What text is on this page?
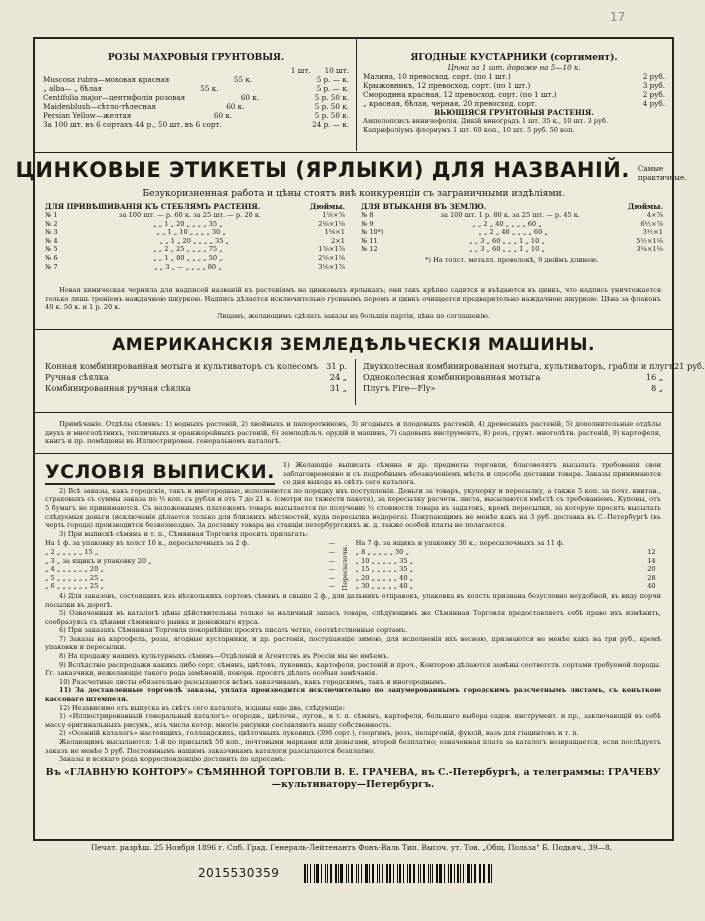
17
РОЗЫ МАХРОВЫЯ ГРУНТОВЫЯ.
1 шт. 10 шт.
Muscosa rubra—моховая красная	55 к.	5 р. — к.
„ alba— „ бѣлая	55 к.	5 р. — к.
Centifolia major—центифолія розовая	60 к.	5 р. 50 к.
Maidenblush—сѣтло-тѣлесная	60 к.	5 р. 50 к.
Persian Yellow—желтая	60 к.	5 р. 50 к.
За 100 шт. въ 6 сортахъ 44 р., 50 шт. въ 6 сорт.	24 р. — к.
ЯГОДНЫЕ КУСТАРНИКИ (сортимент).
Цѣна за 1 шт. дороже на 5—10 к.
Малина, 10 превосход. сорт. (по 1 шт.)	2 руб.
Крыжовникъ, 12 превосход. сорт. (по 1 шт.)	3 руб.
Смородина красная, 12 превосход. сорт. (по 1 шт.)	2 руб.
„ красная, бѣлая, черная, 20 превосход. сорт.	4 руб.
ВЬЮЩІЯСЯ ГРУНТОВЫЯ РАСТЕНІЯ.
Ампелопсисъ виничефолія. Дикій виноградъ 1 шт. 35 к., 10 шт. 3 руб.
Каприфоліумъ флориумъ 1 шт. 60 коп., 10 шт. 5 руб. 50 коп.
ЦИНКОВЫЕ ЭТИКЕТЫ (ЯРЛЫКИ) ДЛЯ НАЗВАНІЙ. Самые практичные.
Безукоризненная работа и цѣны стоятъ внѣ конкуренціи съ заграничными издѣліями.
ДЛЯ ПРИВѢШИВАНІЯ КЪ СТЕБЛЯМЪ РАСТЕНІЯ.	Дюймы.
№ 1	за 100 шт. — р. 60 к. за 25 шт. — р. 20 к.	1⅛×⅞
№ 2	„ „ 1 „ 20 „ „ „ „ 35 „	2⅛×1⅛
№ 3	„ „ 1 „ 10 „ „ „ „ 30 „	1⅝×1
№ 4	„ „ 1 „ 20 „ „ „ „ 35 „	2×1
№ 5	„ „ 2 „ 25 „ „ „ „ 75 „	1⅞×1⅞
№ 6	„ „ 1 „ 80 „ „ „ „ 50 „	2⅛×1⅛
№ 7	„ „ 3 „ — „ „ „ „ 80 „	3⅛×1⅞
ДЛЯ ВТЫКАНІЯ ВЪ ЗЕМЛЮ.	Дюймы.
№ 8	за 100 шт. 1 р. 80 к. за 25 шт. — р. 45 к.	4×⅞
№ 9	„ „ 2 „ 40 „ „ „ „ 60 „	6½×⅞
№ 10*)	„ „ 2 „ 40 „ „ „ „ 60 „	3½×1
№ 11	„ „ 3 „ 60 „ „ „ 1 „ 10 „	5½×1⅛
№ 12	„ „ 3 „ 60 „ „ „ 1 „ 10 „	3¼×1⅛
*) На толст. металл. проволокѣ, 9 дюймъ длиною.
Новая химическая чернила для надписей названій къ растеніямъ на цинковыхъ ярлыкахъ; они такъ крѣпко садятся и въѣдаются въ цинкъ, что надпись уничтожается только лишь треніемъ наждачною шкуркою. Надпись дѣлается исключительно гусинымъ перомъ и цинкъ очищается предварительно наждачною шкуркою. Цѣна за флаконъ 40 к. 50 к. и 1 р. 20 к.
Лицамъ, желающимъ сдѣлать заказы на большія партіи, цѣна по соглашенію.
АМЕРИКАНСКІЯ ЗЕМЛЕДѢЛЬЧЕСКІЯ МАШИНЫ.
Конная комбинированная мотыга и культиваторъ съ колесомъ 31 р.
Ручная сѣялка	24 „
Комбинированная ручная сѣялка	31 „
Двухколесная комбинированная мотыга, культиваторъ, грабли и плугъ 21 руб.
Одноколесная комбинированная мотыга	16 „
Плугъ Fire—Fly»	8 „
Примѣчаніе. Отдѣлы сѣмянъ: 1) водныхъ растеній, 2) хвойныхъ и папоротниковъ, 3) ягодныхъ и плодовыхъ растеній, 4) древесныхъ растеній, 5) дополнительные отдѣлы двухъ и многолѣтнихъ, тепличныхъ и оранжерейныхъ растеній, 6) земледѣльч. орудій и машинъ, 7) садовыхъ инструментъ, 8) розъ, грунт. многолѣтн. растеній, 9) картофеля, книгъ и пр. помѣщены въ Иллюстрирован. генеральномъ каталогѣ.
УСЛОВІЯ ВЫПИСКИ. 1) Желающіе выписать сѣмяна и др. предметы торговли, благоволятъ высылать требованія свои заблаговременно и съ подробнымъ обозначеніемъ мѣста и способа доставки товара. Заказы принимаются со дня выхода въ свѣтъ сего каталога.
2) Всѣ заказы, какъ городскіе, такъ и иногородные, исполняются по порядку ихъ поступленія. Деньги за товаръ, укупорку и пересылку, а также 5 коп. за почт. квитан., страховыхъ съ суммы заказа по ½ коп. съ рубля и отъ 7 до 21 к. (смотря по тяжести пакета), за пересылку расчетн. листа, высылаются вмѣстѣ съ требованіемъ. Купоны, отъ 5 бумагъ не принимаются. Съ наложеннымъ платежомъ товаръ высылается по получениі ⅓ стоимости товара въ задатокъ, кромѣ пересылки, за которую просятъ высылать слѣдуемыя деньги (исключеніе дѣлается только для близкихъ мѣстностей, куда пересылка недорога). Покупающимъ не менѣе какъ на 3 руб. доставка въ С.-Петербургѣ (въ черть города) производится безвозмездно. За доставку товара на станціи петербургскихъ ж. д. также особой платы не полагается.
3) При выпискѣ сѣмянъ и т. п., Сѣмянная Торговля просить прилагать:
На 1 ф. за упаковку въ холст 10 к., пересылочныхъ за 2 ф.	—
„ 2 „ „ „ „ „ 15 „	—
„ 3 „ за ящикъ и упаковку 20 „	—
„ 4 „ „ „ „ „ „ 20 „	—
„ 5 „ „ „ „ „ „ 25 „	—
„ 6 „ „ „ „ „ „ 25 „	— Пересылочн.
На 7 ф. за ящикъ и упаковку 30 к.; пересылочныхъ за 11 ф.
„ 8 „ „ „ „ „ 30 „	12
„ 10 „ „ „ „ „ 35 „	14
„ 15 „ „ „ „ „ 35 „	20
„ 20 „ „ „ „ „ 40 „	28
„ 30 „ „ „ „ „ 40 „	40
4) Для заказовъ, состоящихъ изъ нѣсколькихъ сортовъ сѣмянъ и свыше 2 ф., для дальнихъ отправокъ, упаковка въ холстъ признана безусловно неудобной, въ виду порчи посылки въ дорогѣ.
5) Означенныя въ каталогѣ цѣны дѣйствительны только за наличный запасъ товара, слѣдующимъ же Сѣмянная Торговля предоставляетъ себѣ право ихъ измѣнить, сообразуясь съ цѣнами сѣмяннаго рынка и денежнаго курса.
6) При заказахъ Сѣмянная Торговля покорнѣйше просятъ писать четко, соотвѣтственные сортамъ.
7) Заказы на картофель, розы, ягодные кустарники, и др. растенія, поступающіе зимою, для исполненія ихъ весною, признаются не менѣе какъ на три руб., кромѣ упаковки и пересылки.
8) На продажу нашихъ культурныхъ сѣмянъ—Отдѣленій и Агентствъ въ Россіи мы не имѣемъ.
9) Вслѣдствіе распродажи какихъ либо сорт. сѣмянъ, цвѣтовъ, луковицъ, картофеля, растеній и проч., Конторою дѣлаются замѣны соответств. сортами требуемой породы. Гг. заказчики, нежелающіе такого рода замѣненій, покорн. просятъ дѣлать особыя замѣчанія.
10) Разсчетные листы обязательно разсылаются всѣмъ заказчикамъ, какъ городскимъ, такъ и иногороднымъ.
11) За доставленные торговлѣ заказы, уплата производится исключительно по запумерованнымъ городскимъ разсчетнымъ листамъ, съ конъткою кассоваго штемпеля.
12) Независимо отъ выпуска въ свѣтъ сего каталога, изданы еще два, слѣдующіе:
1) «Иллюстрированный генеральный каталогъ» огородн., цвѣточн., лугов., и т. п. сѣмянъ, картофеля, большаго выбора садов. инструмент. и пр., заключающій въ себѣ массу оригинальныхъ рисунк., изъ числа котор. многіе рисунки составляютъ нашу собственность.
2) «Осенній каталогъ» настоящихъ, голландскихъ, цвѣточныхъ луковицъ (396 сорт.), георгинъ, розъ, пеларгоній, фуксій, вазъ для гіацинтовъ и т. п.
Желающимъ высылаются: 1-й по присылкѣ 50 коп., почтовыми марками или деньгами, второй безплатно; означенная плата за каталогъ возвращается, если послѣдуетъ заказъ не менѣе 5 руб. Постояннымъ нашимъ заказчикамъ каталоги разсылаются безплатно.
Заказы и всякаго рода корреспонденцію доставить по адресамъ:
Въ «ГЛАВНУЮ КОНТОРУ» СѢМЯННОЙ ТОРГОВЛИ В. Е. ГРАЧЕВА, въ С.-Петербургѣ, а телеграммы: ГРАЧЕВУ—культиватору—Петербургъ.
Печат. разрѣш. 25 Ноября 1896 г. Спб. Град. Генераль-Лейтенантъ Фонъ-Валь Тип. Высоч. ут. Тов. „Общ. Польза" Б. Подьяч., 39—8.
2015530359
